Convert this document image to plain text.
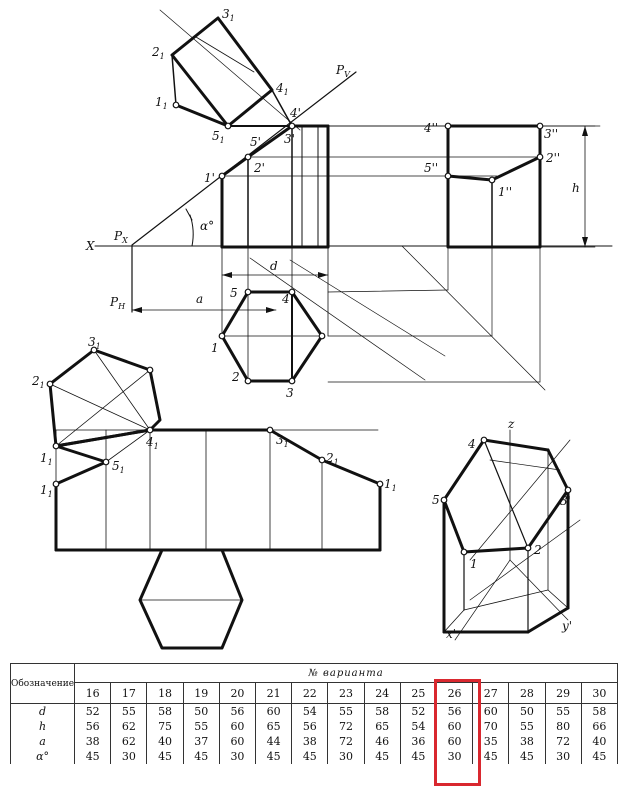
$P_V$
$P_X$
$P_H$
X
α°
d
a
h
$3_1$
$2_1$
$1_1$
$4_1$
$5_1$
4'
3'
5'
2'
1'
4''	3''
5''
2''
1''
5	4
1
2
3
$3_1$
$2_1$
$1_1$
$1_1$
$5_1$
$4_1$	$3_1$
$2_1$
$1_1$
4
5
1
2
3'
z
x'
y'
Обозначение	№ варианта														
	16	17	18	19	20	21	22	23	24	25	26	27	28	29	30
d	52	55	58	50	56	60	54	55	58	52	56	60	50	55	58
h	56	62	75	55	60	65	56	72	65	54	60	70	55	80	66
a	38	62	40	37	60	44	38	72	46	36	60	35	38	72	40
α°	45	30	45	45	30	45	45	30	45	45	30	45	45	30	45
